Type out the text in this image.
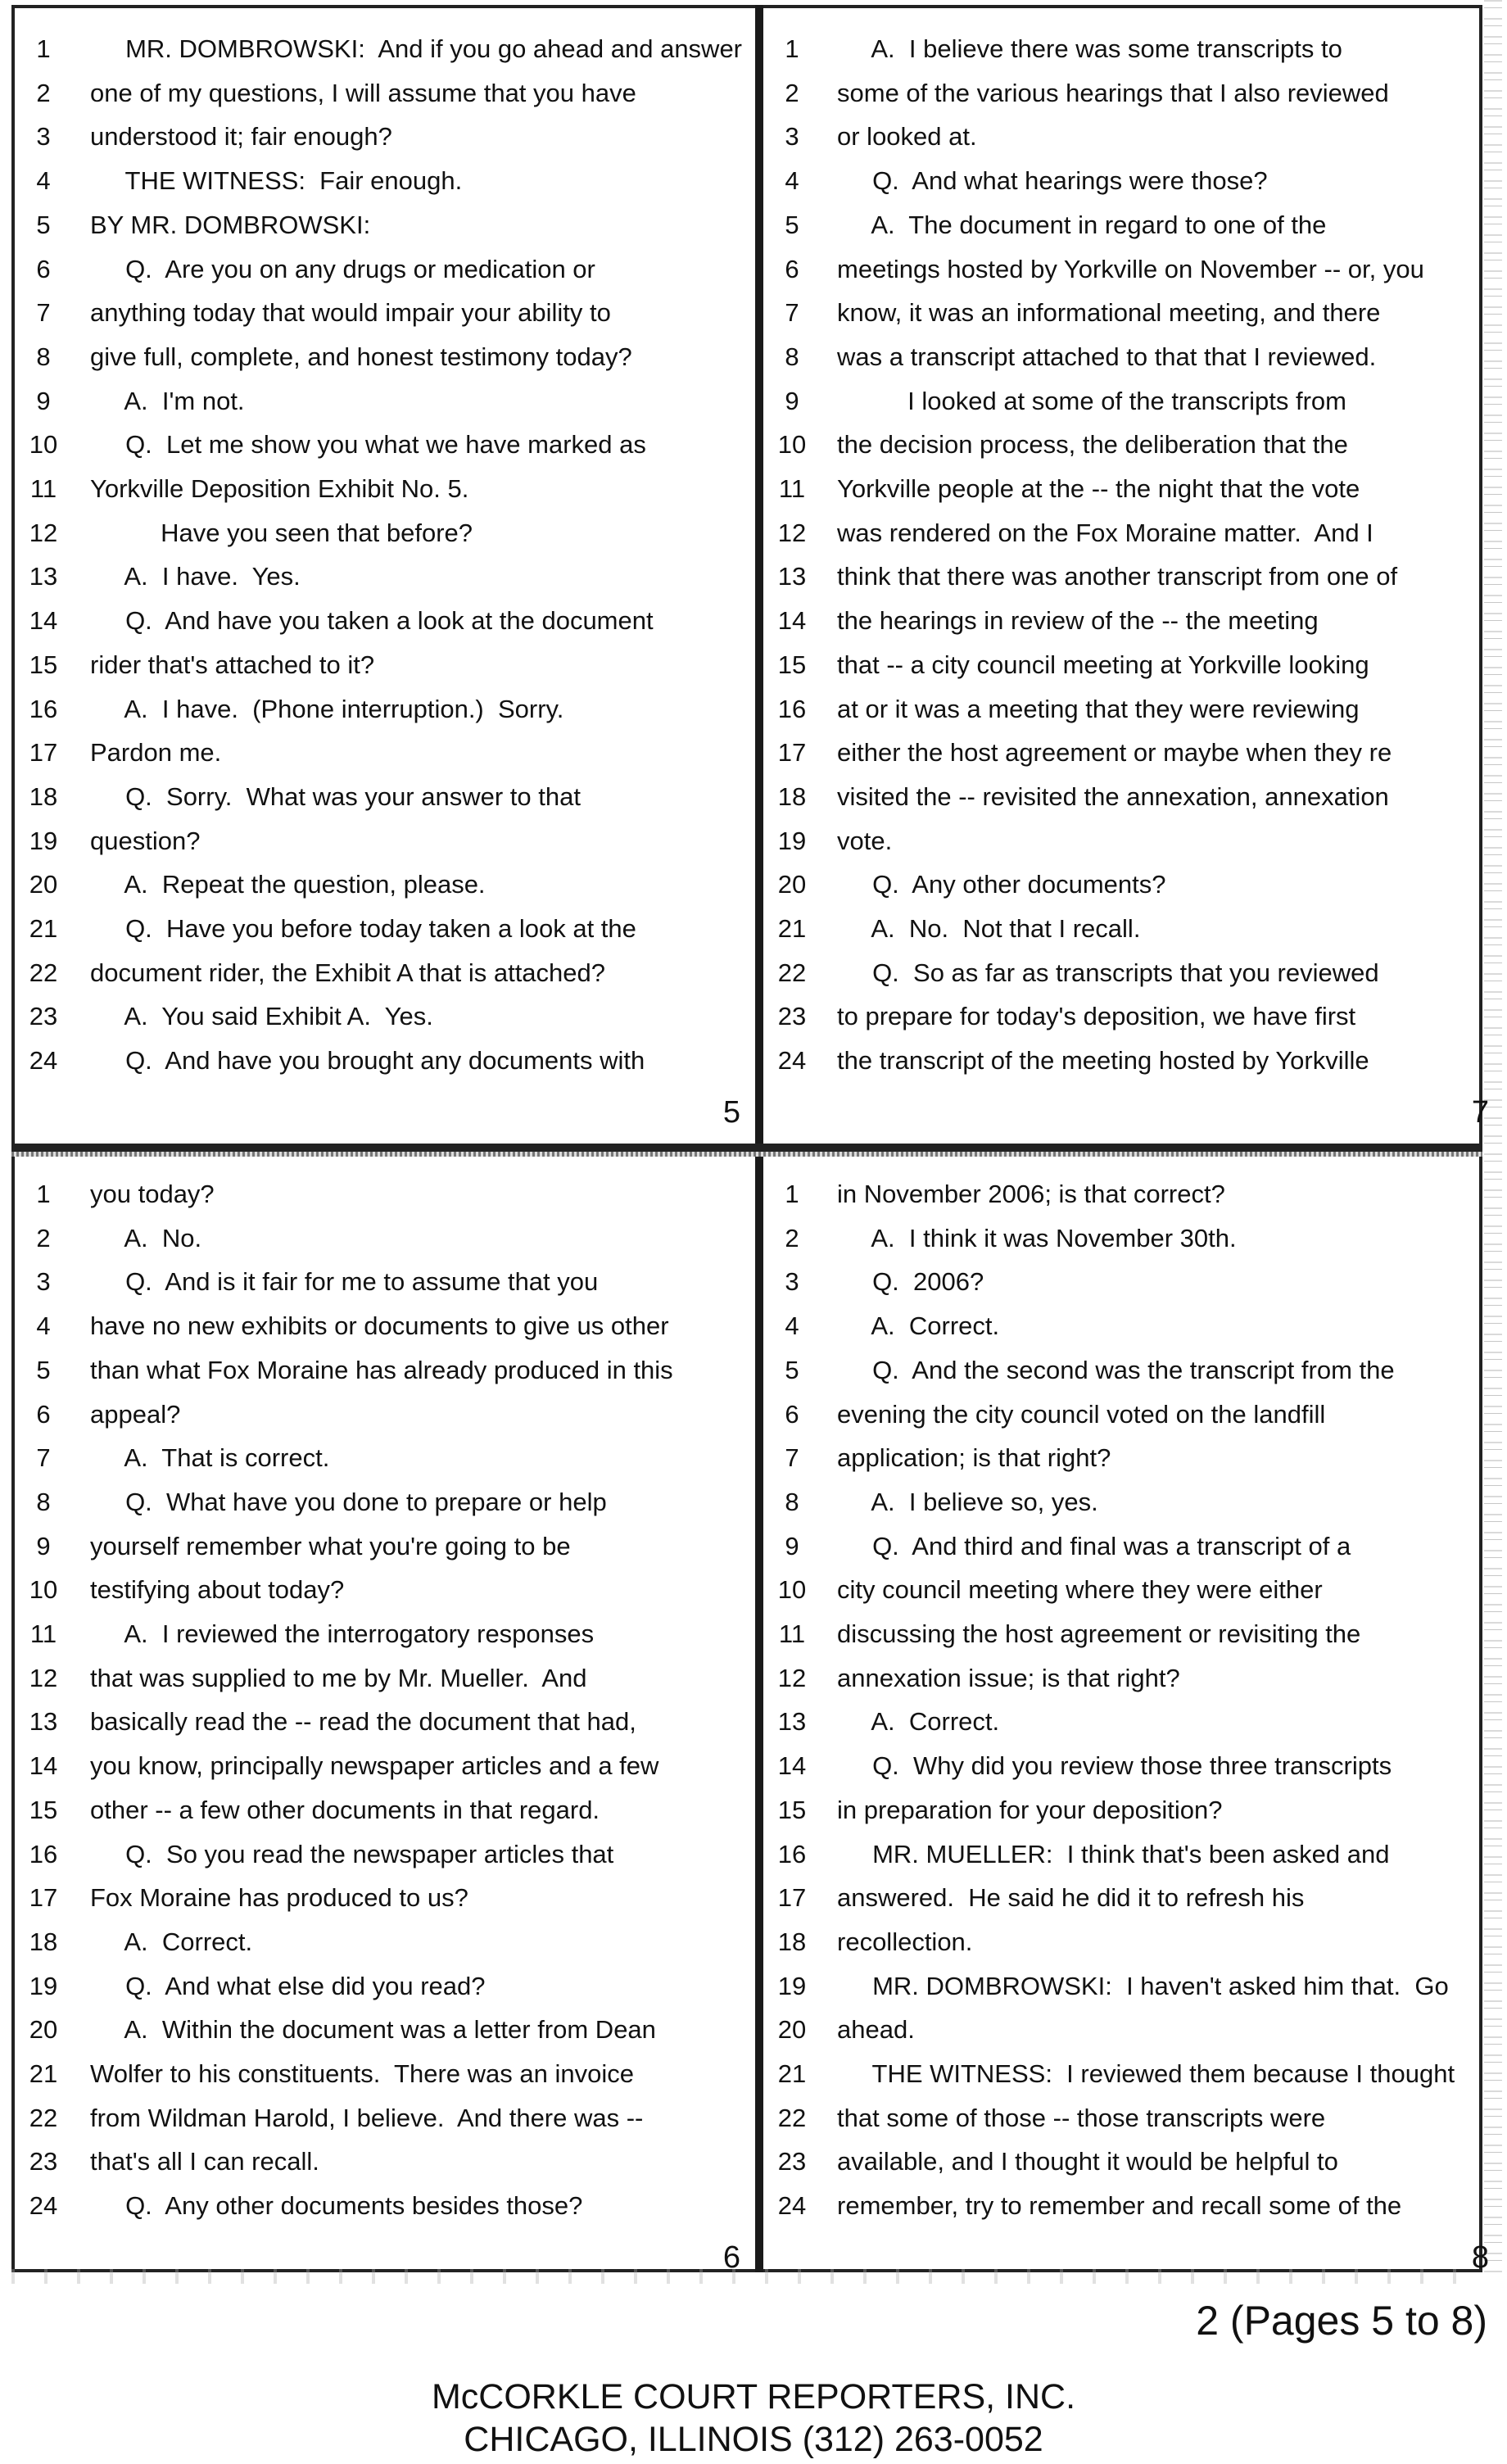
5
1	MR. DOMBROWSKI:  And if you go ahead and answer
2	one of my questions, I will assume that you have
3	understood it; fair enough?
4	THE WITNESS:  Fair enough.
5	BY MR. DOMBROWSKI:
6	Q.  Are you on any drugs or medication or
7	anything today that would impair your ability to
8	give full, complete, and honest testimony today?
9	A.  I'm not.
10	Q.  Let me show you what we have marked as
11	Yorkville Deposition Exhibit No. 5.
12	Have you seen that before?
13	A.  I have.  Yes.
14	Q.  And have you taken a look at the document
15	rider that's attached to it?
16	A.  I have.  (Phone interruption.)  Sorry.
17	Pardon me.
18	Q.  Sorry.  What was your answer to that
19	question?
20	A.  Repeat the question, please.
21	Q.  Have you before today taken a look at the
22	document rider, the Exhibit A that is attached?
23	A.  You said Exhibit A.  Yes.
24	Q.  And have you brought any documents with
7
1	A.  I believe there was some transcripts to
2	some of the various hearings that I also reviewed
3	or looked at.
4	Q.  And what hearings were those?
5	A.  The document in regard to one of the
6	meetings hosted by Yorkville on November -- or, you
7	know, it was an informational meeting, and there
8	was a transcript attached to that that I reviewed.
9	I looked at some of the transcripts from
10	the decision process, the deliberation that the
11	Yorkville people at the -- the night that the vote
12	was rendered on the Fox Moraine matter.  And I
13	think that there was another transcript from one of
14	the hearings in review of the -- the meeting
15	that -- a city council meeting at Yorkville looking
16	at or it was a meeting that they were reviewing
17	either the host agreement or maybe when they re
18	visited the -- revisited the annexation, annexation
19	vote.
20	Q.  Any other documents?
21	A.  No.  Not that I recall.
22	Q.  So as far as transcripts that you reviewed
23	to prepare for today's deposition, we have first
24	the transcript of the meeting hosted by Yorkville
6
1	you today?
2	A.  No.
3	Q.  And is it fair for me to assume that you
4	have no new exhibits or documents to give us other
5	than what Fox Moraine has already produced in this
6	appeal?
7	A.  That is correct.
8	Q.  What have you done to prepare or help
9	yourself remember what you're going to be
10	testifying about today?
11	A.  I reviewed the interrogatory responses
12	that was supplied to me by Mr. Mueller.  And
13	basically read the -- read the document that had,
14	you know, principally newspaper articles and a few
15	other -- a few other documents in that regard.
16	Q.  So you read the newspaper articles that
17	Fox Moraine has produced to us?
18	A.  Correct.
19	Q.  And what else did you read?
20	A.  Within the document was a letter from Dean
21	Wolfer to his constituents.  There was an invoice
22	from Wildman Harold, I believe.  And there was --
23	that's all I can recall.
24	Q.  Any other documents besides those?
8
1	in November 2006; is that correct?
2	A.  I think it was November 30th.
3	Q.  2006?
4	A.  Correct.
5	Q.  And the second was the transcript from the
6	evening the city council voted on the landfill
7	application; is that right?
8	A.  I believe so, yes.
9	Q.  And third and final was a transcript of a
10	city council meeting where they were either
11	discussing the host agreement or revisiting the
12	annexation issue; is that right?
13	A.  Correct.
14	Q.  Why did you review those three transcripts
15	in preparation for your deposition?
16	MR. MUELLER:  I think that's been asked and
17	answered.  He said he did it to refresh his
18	recollection.
19	MR. DOMBROWSKI:  I haven't asked him that.  Go
20	ahead.
21	THE WITNESS:  I reviewed them because I thought
22	that some of those -- those transcripts were
23	available, and I thought it would be helpful to
24	remember, try to remember and recall some of the
2 (Pages 5 to 8)
McCORKLE COURT REPORTERS, INC.
CHICAGO, ILLINOIS (312) 263-0052
